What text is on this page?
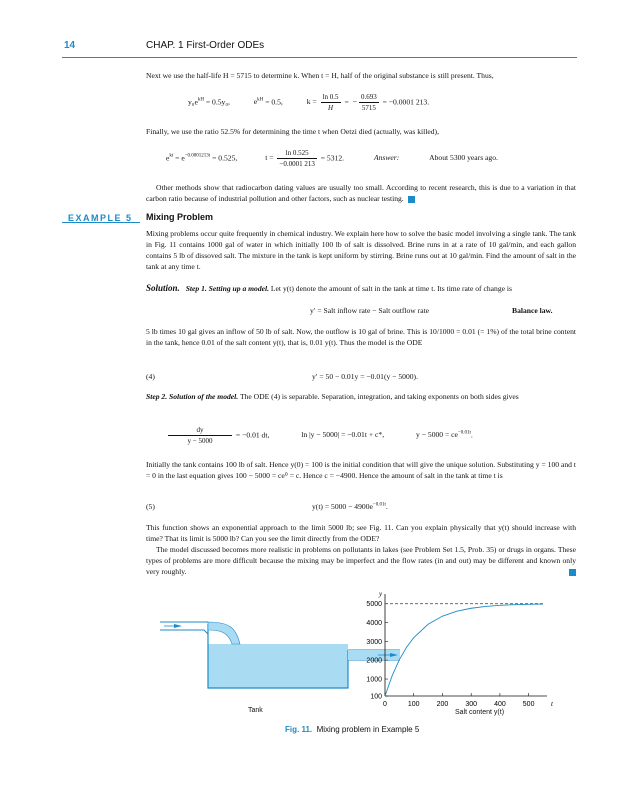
14	CHAP. 1 First-Order ODEs

Next we use the half-life H = 5715 to determine k. When t = H, half of the original substance is still present. Thus,

$y_0e^{kH} = 0.5y_0$,	$e^{kH} = 0.5$,	$k = \frac{\ln 0.5}{H}$ = − $\frac{0.693}{5715} = -0.0001$ 213.

Finally, we use the ratio 52.5% for determining the time t when Oetzi died (actually, was killed),

$e^{kt} = e^{-0.0001213t} = 0.525$,	$t = \frac{\ln 0.525}{-0.0001 213} = 5312$.	Answer:	About 5300 years ago.

Other methods show that radiocarbon dating values are usually too small. According to recent research, this is due to a variation in that carbon ratio because of industrial pollution and other factors, such as nuclear testing.

EXAMPLE 5 Mixing Problem

Mixing problems occur quite frequently in chemical industry. We explain here how to solve the basic model involving a single tank. The tank in Fig. 11 contains 1000 gal of water in which initially 100 lb of salt is dissolved. Brine runs in at a rate of 10 gal/min, and each gallon contains 5 lb of dissoved salt. The mixture in the tank is kept uniform by stirring. Brine runs out at 10 gal/min. Find the amount of salt in the tank at any time t.

Solution. Step 1. Setting up a model. Let y(t) denote the amount of salt in the tank at time t. Its time rate of change is

y′ = Salt inflow rate − Salt outflow rate	Balance law.

5 lb times 10 gal gives an inflow of 50 lb of salt. Now, the outflow is 10 gal of brine. This is 10/1000 = 0.01 (= 1%) of the total brine content in the tank, hence 0.01 of the salt content y(t), that is, 0.01 y(t). Thus the model is the ODE

(4)	y′ = 50 − 0.01y = −0.01(y − 5000).

Step 2. Solution of the model. The ODE (4) is separable. Separation, integration, and taking exponents on both sides gives

$\frac{dy}{y - 5000} = -0.01$ dt,	ln |y − 5000| = −0.01t + c*,	$y - 5000 = ce^{-0.01t}$.

Initially the tank contains 100 lb of salt. Hence y(0) = 100 is the initial condition that will give the unique solution. Substituting y = 100 and t = 0 in the last equation gives 100 − 5000 = ce⁰ = c. Hence c = −4900. Hence the amount of salt in the tank at time t is

(5)	$y(t) = 5000 - 4900e^{-0.01t}$.

This function shows an exponential approach to the limit 5000 lb; see Fig. 11. Can you explain physically that y(t) should increase with time? That its limit is 5000 lb? Can you see the limit directly from the ODE?

The model discussed becomes more realistic in problems on pollutants in lakes (see Problem Set 1.5, Prob. 35) or drugs in organs. These types of problems are more difficult because the mixing may be imperfect and the flow rates (in and out) may be different and known only very roughly.

Tank
y
t
100
1000
2000
3000
4000
5000
0	100 200 300 400 500
Salt content y(t)
Fig. 11. Mixing problem in Example 5
